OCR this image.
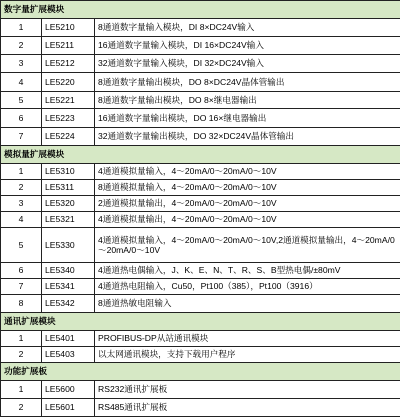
数字量扩展模块		
1	LE5210	8通道数字量输入模块，DI 8×DC24V输入
2	LE5211	16通道数字量输入模块，DI 16×DC24V输入
3	LE5212	32通道数字量输入模块，DI 32×DC24V输入
4	LE5220	8通道数字量输出模块，DO 8×DC24V晶体管输出
5	LE5221	8通道数字量输出模块，DO 8×继电器输出
6	LE5223	16通道数字量输出模块，DO 16×继电器输出
7	LE5224	32通道数字量输出模块，DO 32×DC24V晶体管输出
模拟量扩展模块		
1	LE5310	4通道模拟量输入，4～20mA/0～20mA/0～10V
2	LE5311	8通道模拟量输入，4～20mA/0～20mA/0～10V
3	LE5320	2通道模拟量输出，4～20mA/0～20mA/0～10V
4	LE5321	4通道模拟量输出，4～20mA/0～20mA/0～10V
5	LE5330	4通道模拟量输入，4～20mA/0～20mA/0～10V,2通道模拟量输出，4～20mA/0～20mA/0～10V
6	LE5340	4通道热电偶输入，J、K、E、N、T、R、S、B型热电偶/±80mV
7	LE5341	4通道热电阻输入，Cu50，Pt100（385），Pt100（3916）
8	LE5342	8通道热敏电阻输入
通讯扩展模块		
1	LE5401	PROFIBUS-DP从站通讯模块
2	LE5403	以太网通讯模块，支持下载用户程序
功能扩展板		
1	LE5600	RS232通讯扩展板
2	LE5601	RS485通讯扩展板
